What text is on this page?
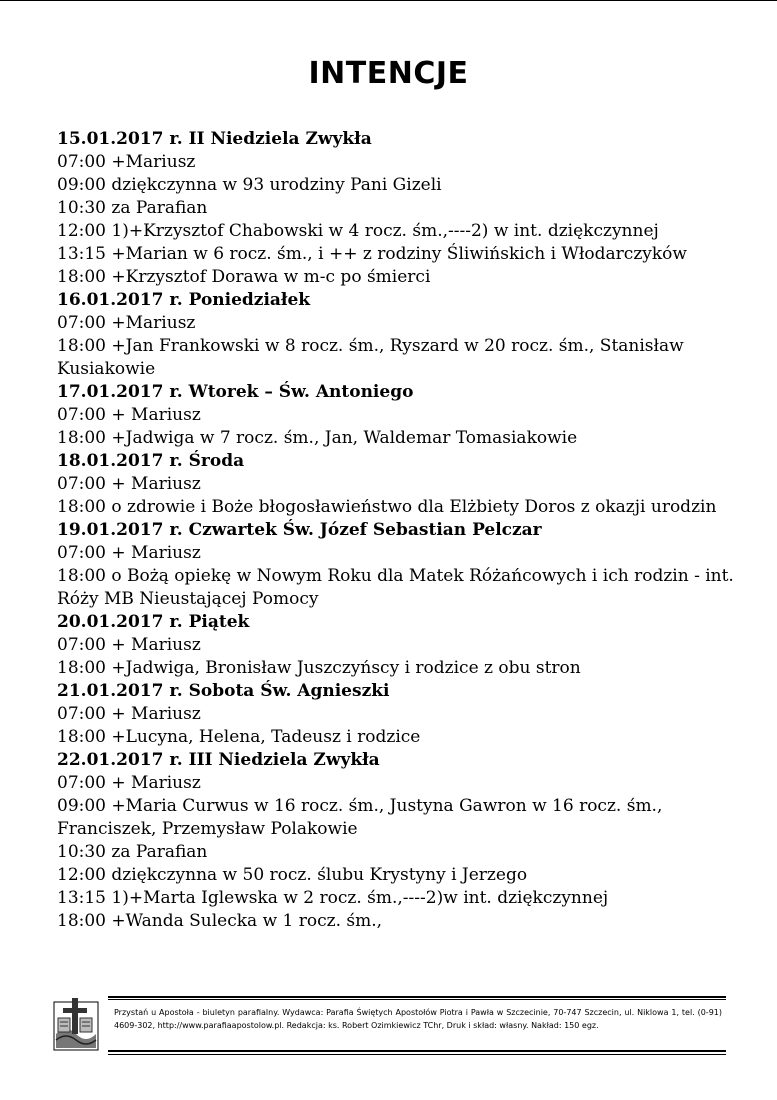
INTENCJE
15.01.2017 r. II Niedziela Zwykła
07:00 +Mariusz
09:00 dziękczynna w 93 urodziny Pani Gizeli
10:30 za Parafian
12:00 1)+Krzysztof Chabowski w 4 rocz. śm.,----2) w int. dziękczynnej
13:15 +Marian w 6 rocz. śm., i ++ z rodziny Śliwińskich i Włodarczyków
18:00 +Krzysztof Dorawa w m-c po śmierci
16.01.2017 r. Poniedziałek
07:00 +Mariusz
18:00 +Jan Frankowski w 8 rocz. śm., Ryszard w 20 rocz. śm., Stanisław Kusiakowie
17.01.2017 r. Wtorek – Św. Antoniego
07:00 + Mariusz
18:00 +Jadwiga w 7 rocz. śm., Jan, Waldemar Tomasiakowie
18.01.2017 r. Środa
07:00 + Mariusz
18:00 o zdrowie i Boże błogosławieństwo dla Elżbiety Doros z okazji urodzin
19.01.2017 r. Czwartek Św. Józef Sebastian Pelczar
07:00 + Mariusz
18:00 o Bożą opiekę w Nowym Roku dla Matek Różańcowych i ich rodzin - int. Róży MB Nieustającej Pomocy
20.01.2017 r. Piątek
07:00 + Mariusz
18:00 +Jadwiga, Bronisław Juszczyńscy i rodzice z obu stron
21.01.2017 r. Sobota Św. Agnieszki
07:00 + Mariusz
18:00 +Lucyna, Helena, Tadeusz i rodzice
22.01.2017 r. III Niedziela Zwykła
07:00 + Mariusz
09:00 +Maria Curwus w 16 rocz. śm., Justyna Gawron w 16 rocz. śm., Franciszek, Przemysław Polakowie
10:30 za Parafian
12:00 dziękczynna w 50 rocz. ślubu Krystyny i Jerzego
13:15 1)+Marta Iglewska w 2 rocz. śm.,----2)w int. dziękczynnej
18:00 +Wanda Sulecka w 1 rocz. śm.,
Przystań u Apostoła - biuletyn parafialny. Wydawca: Parafia Świętych Apostołów Piotra i Pawła w Szczecinie, 70-747 Szczecin, ul. Niklowa 1, tel. (0-91) 4609-302, http://www.parafiaapostolow.pl. Redakcja: ks. Robert Ozimkiewicz TChr, Druk i skład: własny. Nakład: 150 egz.
